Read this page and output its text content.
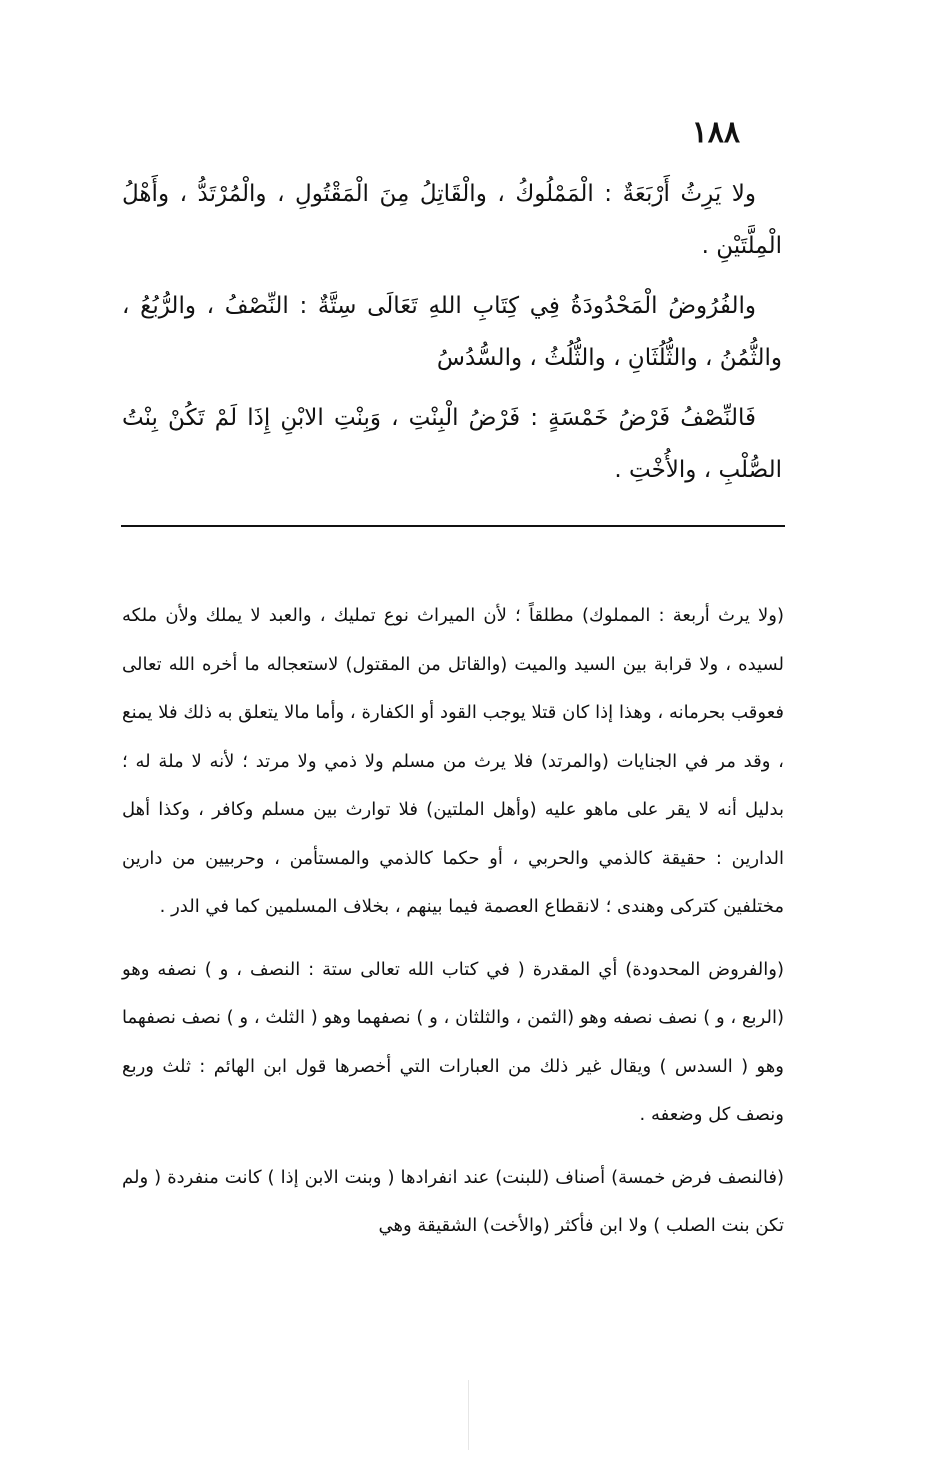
١٨٨

ولا يَرِثُ أَرْبَعَةٌ : الْمَمْلُوكُ ، والْقَاتِلُ مِنَ الْمَقْتُولِ ، والْمُرْتَدُّ ، وأَهْلُ الْمِلَّتَيْنِ .

والفُرُوضُ الْمَحْدُودَةُ فِي كِتَابِ اللهِ تَعَالَى سِتَّةٌ : النِّصْفُ ، والرُّبُعُ ، والثُّمُنُ ، والثُّلُثَانِ ، والثُّلُثُ ، والسُّدُسُ

فَالنِّصْفُ فَرْضُ خَمْسَةٍ : فَرْضُ الْبِنْتِ ، وَبِنْتِ الابْنِ إِذَا لَمْ تَكُنْ بِنْتُ الصُّلْبِ ، والأُخْتِ .

(ولا يرث أربعة : المملوك) مطلقاً ؛ لأن الميراث نوع تمليك ، والعبد لا يملك ولأن ملكه لسيده ، ولا قرابة بين السيد والميت (والقاتل من المقتول) لاستعجاله ما أخره الله تعالى فعوقب بحرمانه ، وهذا إذا كان قتلا يوجب القود أو الكفارة ، وأما مالا يتعلق به ذلك فلا يمنع ، وقد مر في الجنايات (والمرتد) فلا يرث من مسلم ولا ذمي ولا مرتد ؛ لأنه لا ملة له ؛ بدليل أنه لا يقر على ماهو عليه (وأهل الملتين) فلا توارث بين مسلم وكافر ، وكذا أهل الدارين : حقيقة كالذمي والحربي ، أو حكما كالذمي والمستأمن ، وحربيين من دارين مختلفين كترکی وهندی ؛ لانقطاع العصمة فيما بينهم ، بخلاف المسلمين كما في الدر .

(والفروض المحدودة) أي المقدرة ( في كتاب الله تعالى ستة : النصف ، و ) نصفه وهو (الربع ، و ) نصف نصفه وهو (الثمن ، والثلثان ، و ) نصفهما وهو ( الثلث ، و ) نصف نصفهما وهو ( السدس ) ويقال غير ذلك من العبارات التي أخصرها قول ابن الهائم : ثلث وربع ونصف كل وضعفه .

(فالنصف فرض خمسة) أصناف (للبنت) عند انفرادها ( وبنت الابن إذا ) كانت منفردة ( ولم تكن بنت الصلب ) ولا ابن فأكثر (والأخت) الشقيقة وهي
